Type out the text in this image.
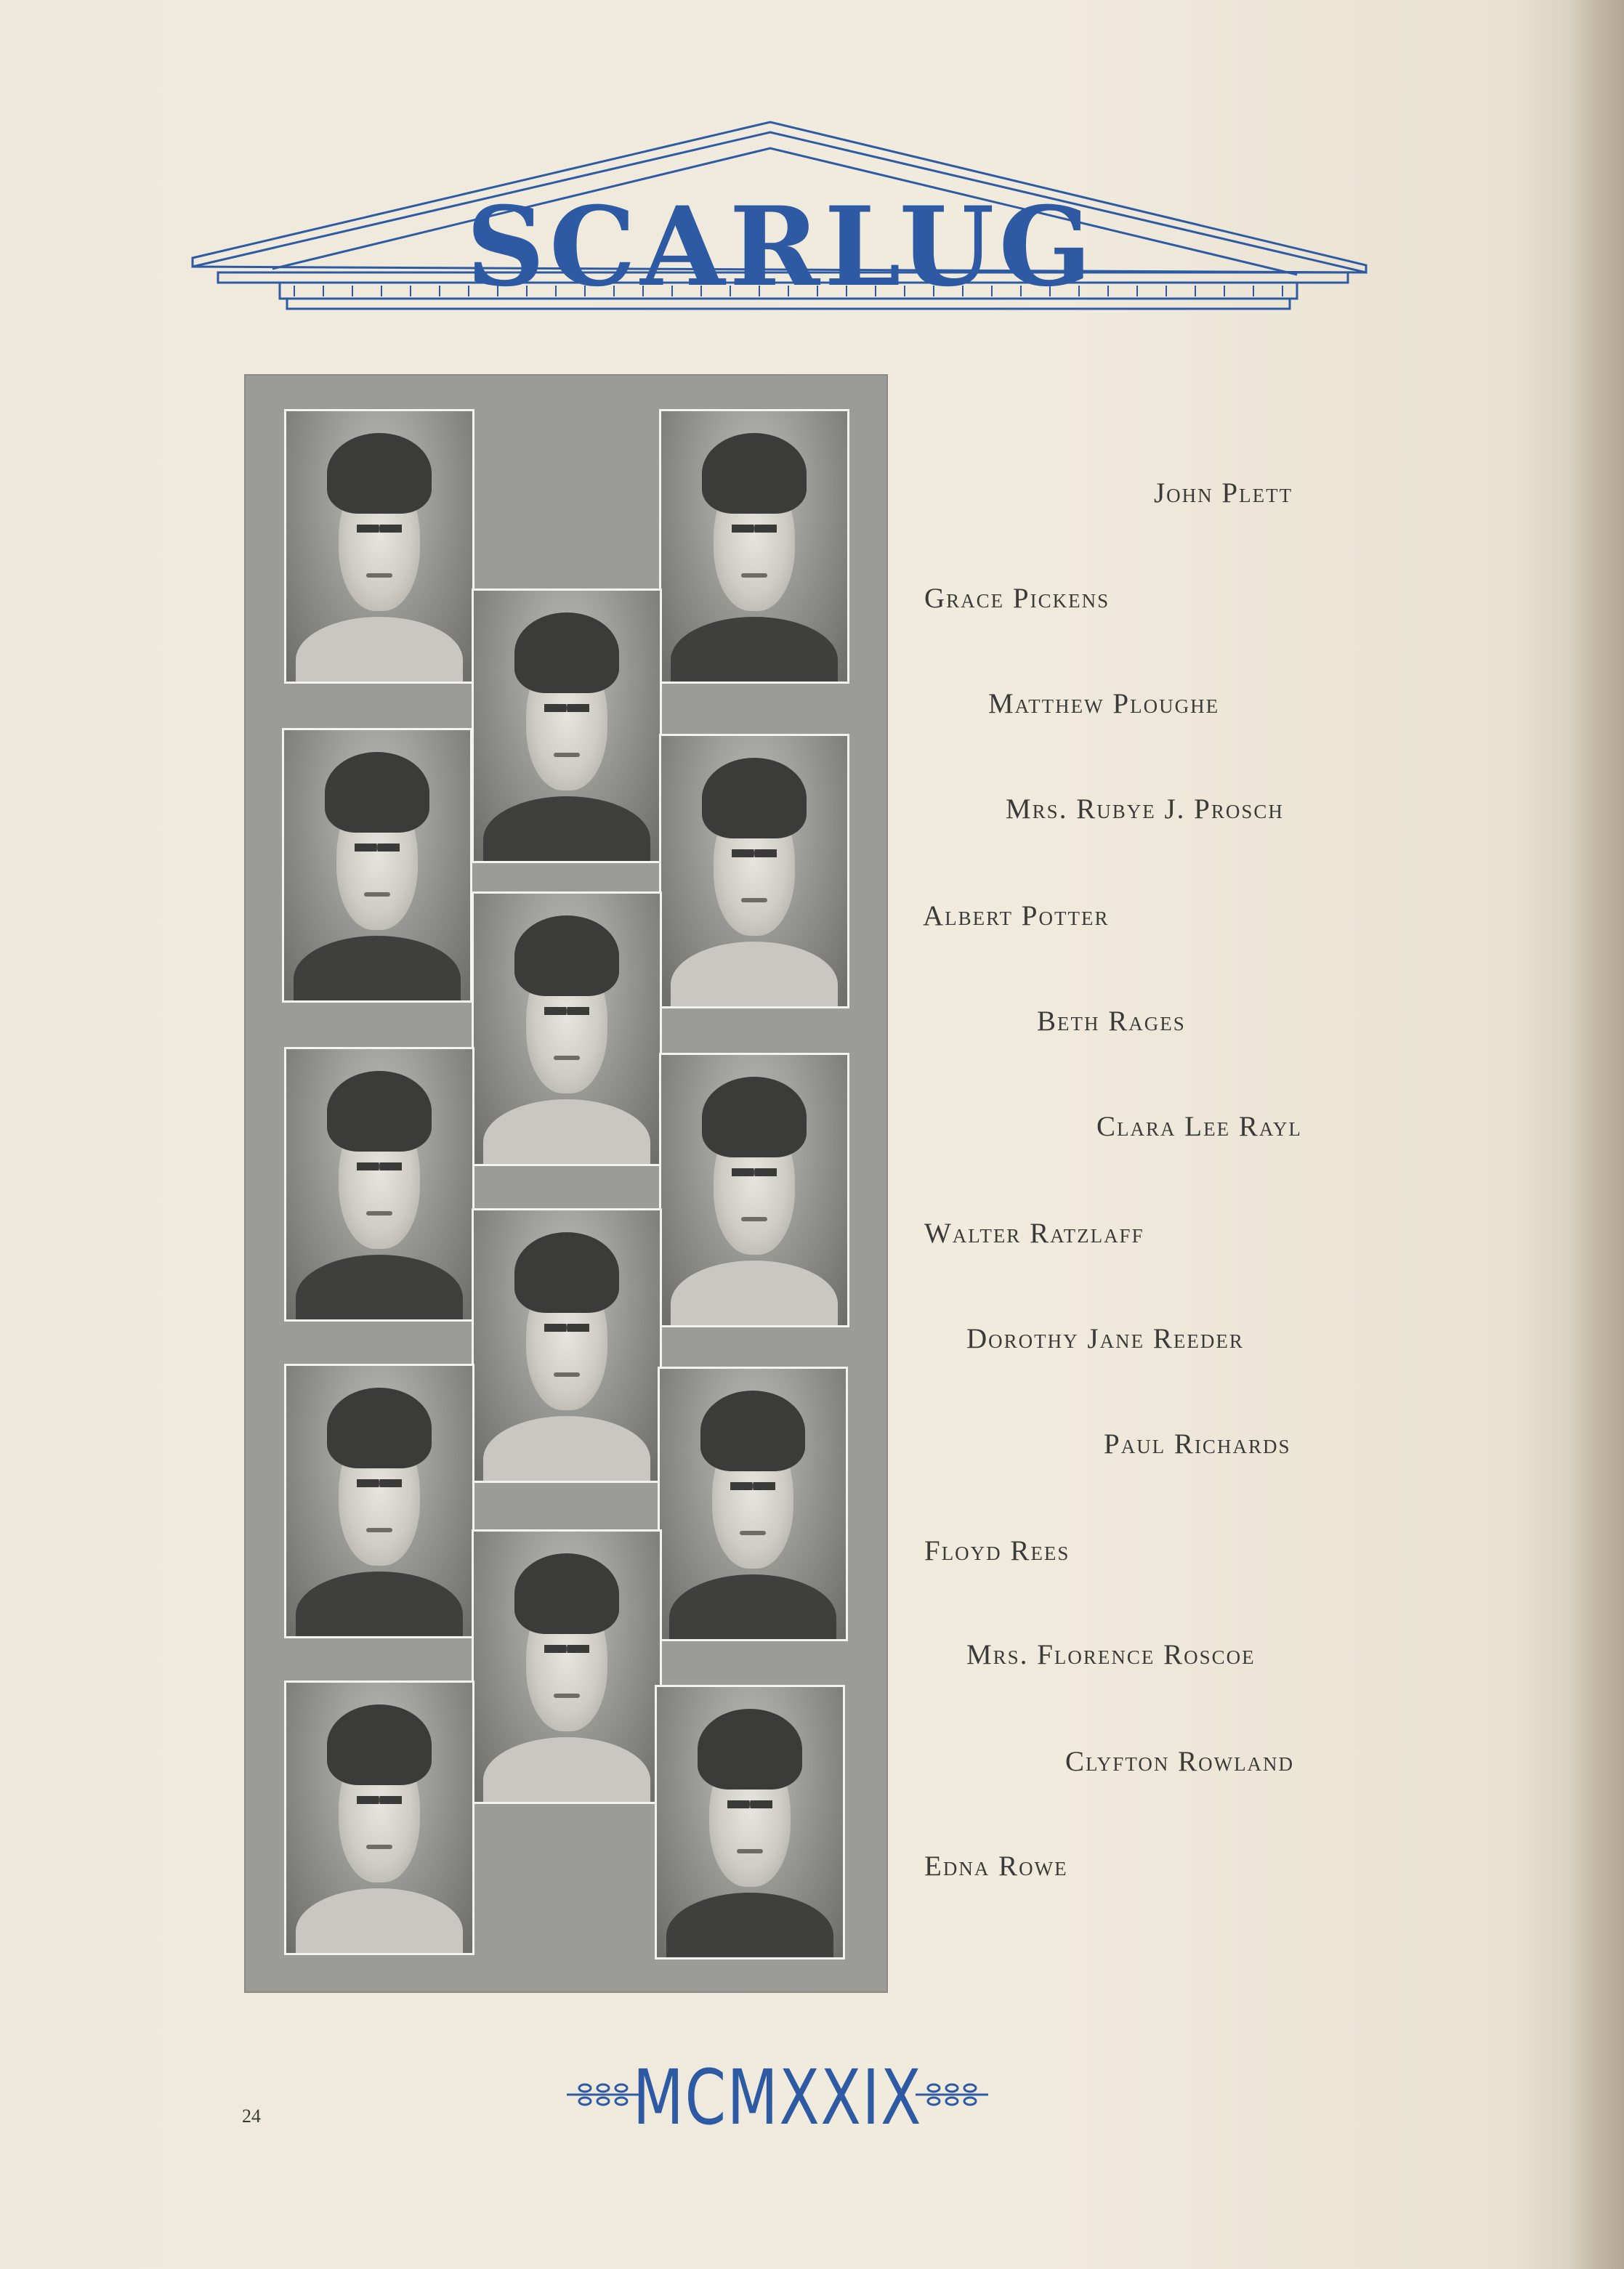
SCARLUG
John Plett
Grace Pickens
Matthew Ploughe
Mrs. Rubye J. Prosch
Albert Potter
Beth Rages
Clara Lee Rayl
Walter Ratzlaff
Dorothy Jane Reeder
Paul Richards
Floyd Rees
Mrs. Florence Roscoe
Clyfton Rowland
Edna Rowe
24	MCMXXIX
